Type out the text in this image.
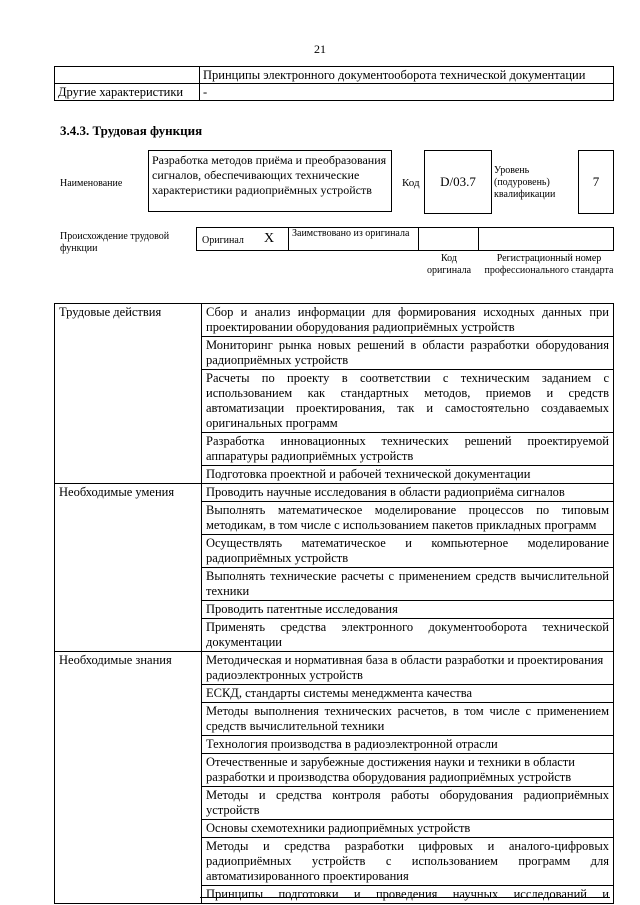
21
	Принципы электронного документооборота технической документации
Другие характеристики	-
3.4.3. Трудовая функция
Наименование
Разработка методов приёма и преобразования сигналов, обеспечивающих технические характеристики радиоприёмных устройств	Код	D/03.7
Уровень (подуровень) квалификации
7
Происхождение трудовой функции
Оригинал X Заимствовано из оригинала
Код оригинала
Регистрационный номер профессионального стандарта
Трудовые действия	Сбор и анализ информации для формирования исходных данных при проектировании оборудования радиоприёмных устройств
	Мониторинг рынка новых решений в области разработки оборудования радиоприёмных устройств
	Расчеты по проекту в соответствии с техническим заданием с использованием как стандартных методов, приемов и средств автоматизации проектирования, так и самостоятельно создаваемых оригинальных программ
	Разработка инновационных технических решений проектируемой аппаратуры радиоприёмных устройств
	Подготовка проектной и рабочей технической документации
Необходимые умения	Проводить научные исследования в области радиоприёма сигналов
	Выполнять математическое моделирование процессов по типовым методикам, в том числе с использованием пакетов прикладных программ
	Осуществлять математическое и компьютерное моделирование радиоприёмных устройств
	Выполнять технические расчеты с применением средств вычислительной техники
	Проводить патентные исследования
	Применять средства электронного документооборота технической документации
Необходимые знания	Методическая и нормативная база в области разработки и проектирования радиоэлектронных устройств
	ЕСКД, стандарты системы менеджмента качества
	Методы выполнения технических расчетов, в том числе с применением средств вычислительной техники
	Технология производства в радиоэлектронной отрасли
	Отечественные и зарубежные достижения науки и техники в области разработки и производства оборудования радиоприёмных устройств
	Методы и средства контроля работы оборудования радиоприёмных устройств
	Основы схемотехники радиоприёмных устройств
	Методы и средства разработки цифровых и аналого-цифровых радиоприёмных устройств с использованием программ для автоматизированного проектирования
	Принципы подготовки и проведения научных исследований и
